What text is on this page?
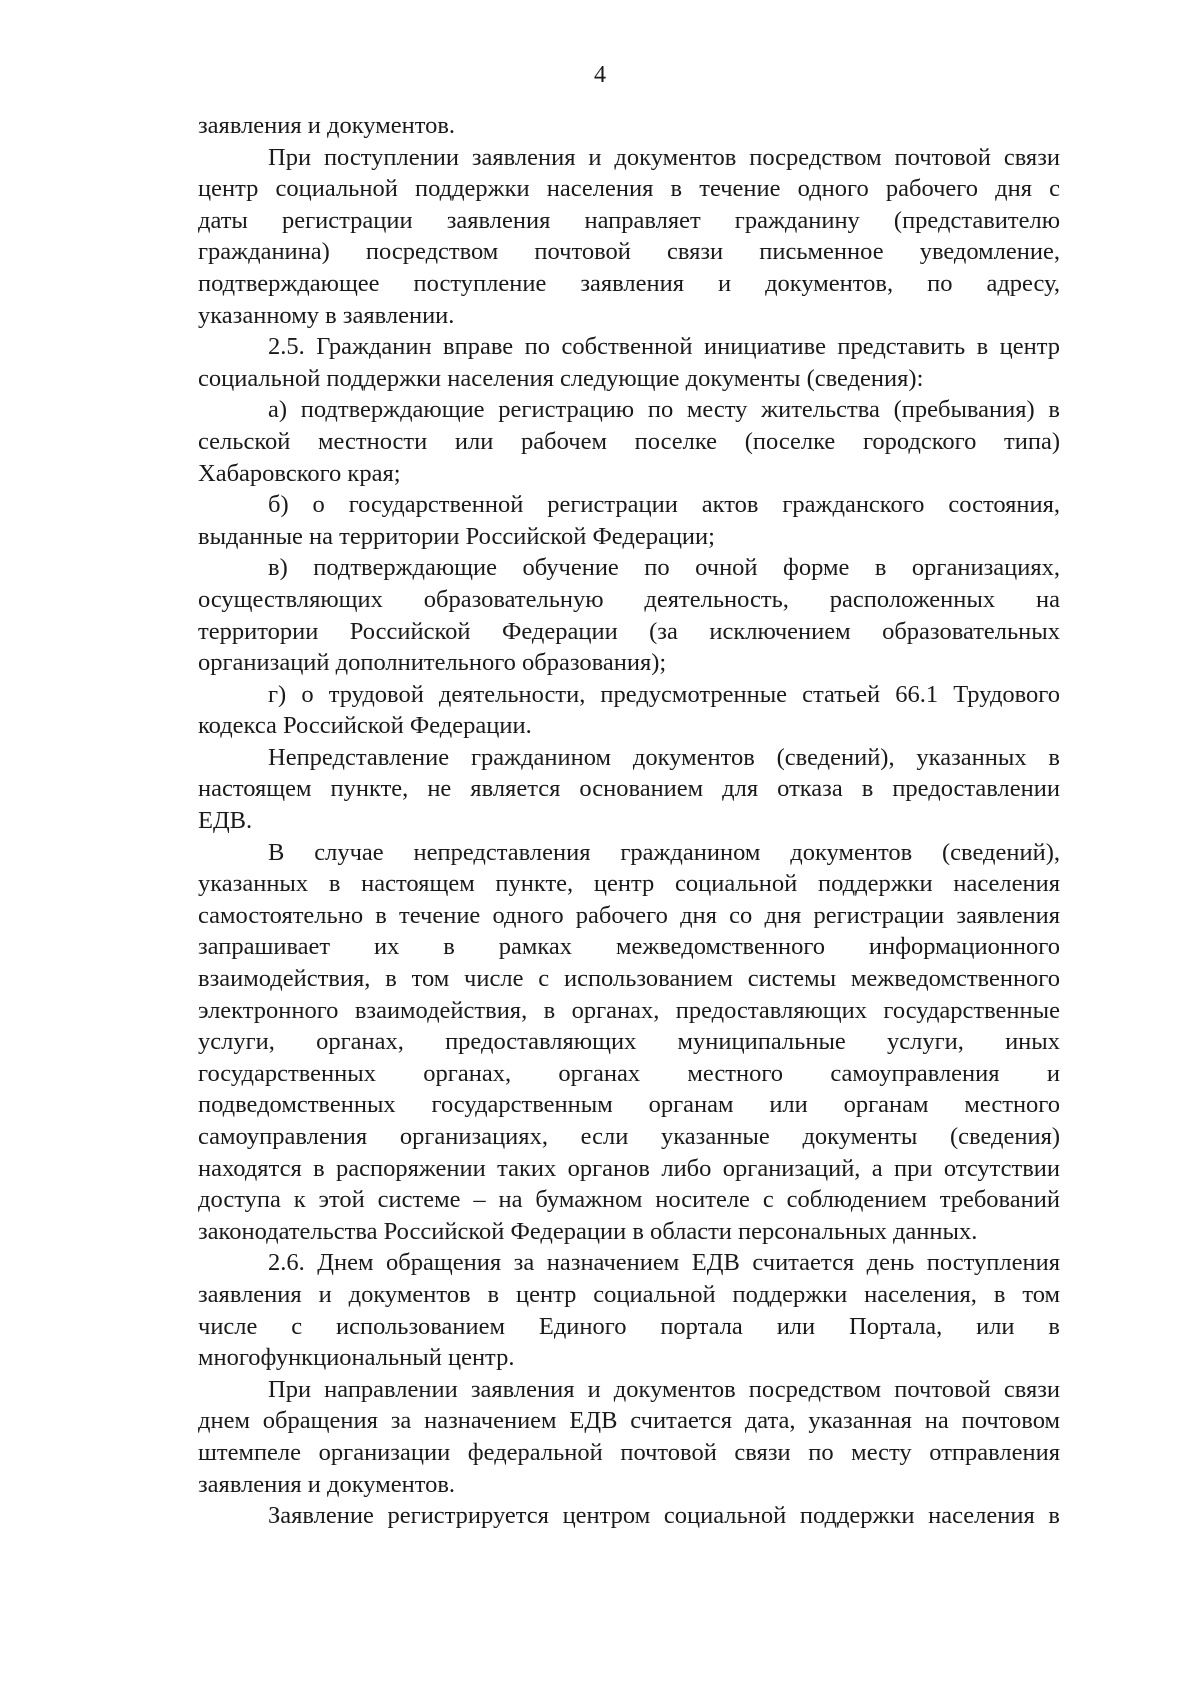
4
заявления и документов.
При поступлении заявления и документов посредством почтовой связи
центр социальной поддержки населения в течение одного рабочего дня с
даты регистрации заявления направляет гражданину (представителю
гражданина) посредством почтовой связи письменное уведомление,
подтверждающее поступление заявления и документов, по адресу,
указанному в заявлении.
2.5. Гражданин вправе по собственной инициативе представить в центр
социальной поддержки населения следующие документы (сведения):
а) подтверждающие регистрацию по месту жительства (пребывания) в
сельской местности или рабочем поселке (поселке городского типа)
Хабаровского края;
б) о государственной регистрации актов гражданского состояния,
выданные на территории Российской Федерации;
в) подтверждающие обучение по очной форме в организациях,
осуществляющих образовательную деятельность, расположенных на
территории Российской Федерации (за исключением образовательных
организаций дополнительного образования);
г) о трудовой деятельности, предусмотренные статьей 66.1 Трудового
кодекса Российской Федерации.
Непредставление гражданином документов (сведений), указанных в
настоящем пункте, не является основанием для отказа в предоставлении
ЕДВ.
В случае непредставления гражданином документов (сведений),
указанных в настоящем пункте, центр социальной поддержки населения
самостоятельно в течение одного рабочего дня со дня регистрации заявления
запрашивает их в рамках межведомственного информационного
взаимодействия, в том числе с использованием системы межведомственного
электронного взаимодействия, в органах, предоставляющих государственные
услуги, органах, предоставляющих муниципальные услуги, иных
государственных органах, органах местного самоуправления и
подведомственных государственным органам или органам местного
самоуправления организациях, если указанные документы (сведения)
находятся в распоряжении таких органов либо организаций, а при отсутствии
доступа к этой системе – на бумажном носителе с соблюдением требований
законодательства Российской Федерации в области персональных данных.
2.6. Днем обращения за назначением ЕДВ считается день поступления
заявления и документов в центр социальной поддержки населения, в том
числе с использованием Единого портала или Портала, или в
многофункциональный центр.
При направлении заявления и документов посредством почтовой связи
днем обращения за назначением ЕДВ считается дата, указанная на почтовом
штемпеле организации федеральной почтовой связи по месту отправления
заявления и документов.
Заявление регистрируется центром социальной поддержки населения в
